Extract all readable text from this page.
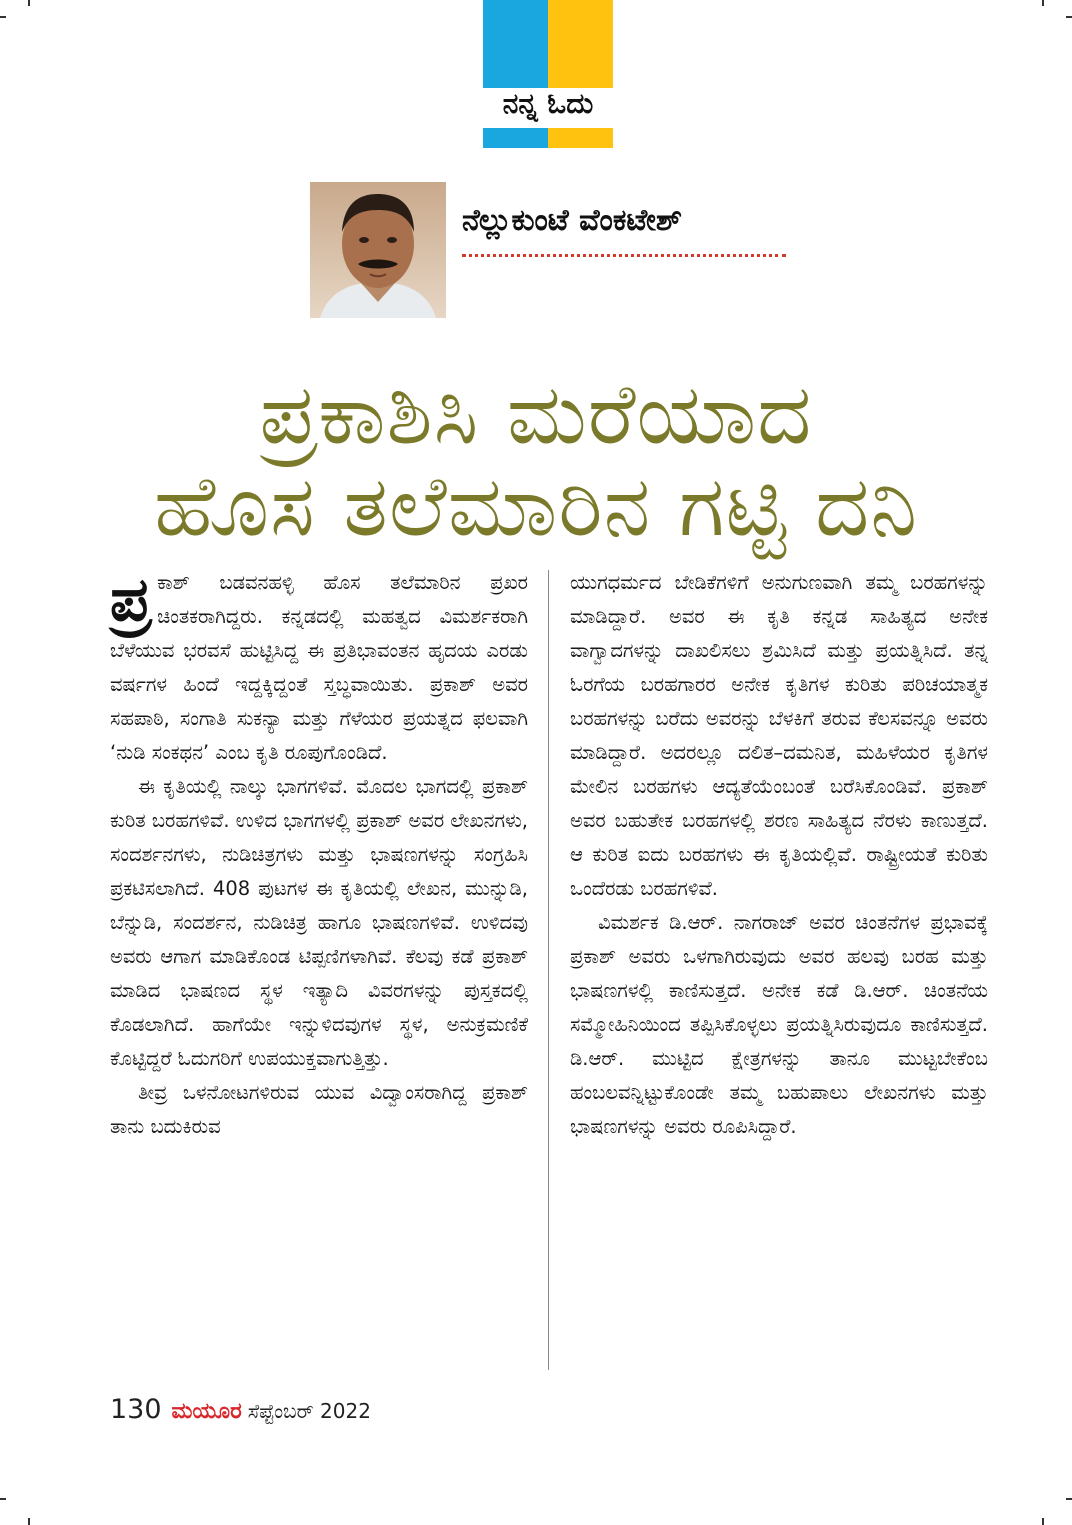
ನನ್ನ ಓದು
ನೆಲ್ಲುಕುಂಟೆ ವೆಂಕಟೇಶ್
ಪ್ರಕಾಶಿಸಿ ಮರೆಯಾದ
ಹೊಸ ತಲೆಮಾರಿನ ಗಟ್ಟಿ ದನಿ

ಪ್ರ ಕಾಶ್ ಬಡವನಹಳ್ಳಿ ಹೊಸ ತಲೆಮಾರಿನ ಪ್ರಖರ ಚಿಂತಕರಾಗಿದ್ದರು. ಕನ್ನಡದಲ್ಲಿ ಮಹತ್ವದ ವಿಮರ್ಶಕರಾಗಿ ಬೆಳೆಯುವ ಭರವಸೆ ಹುಟ್ಟಿಸಿದ್ದ ಈ ಪ್ರತಿಭಾವಂತನ ಹೃದಯ ಎರಡು ವರ್ಷಗಳ ಹಿಂದೆ ಇದ್ದಕ್ಕಿದ್ದಂತೆ ಸ್ತಬ್ಧವಾಯಿತು. ಪ್ರಕಾಶ್ ಅವರ ಸಹಪಾಠಿ, ಸಂಗಾತಿ ಸುಕನ್ಯಾ ಮತ್ತು ಗೆಳೆಯರ ಪ್ರಯತ್ನದ ಫಲವಾಗಿ ‘ನುಡಿ ಸಂಕಥನ’ ಎಂಬ ಕೃತಿ ರೂಪುಗೊಂಡಿದೆ.

ಈ ಕೃತಿಯಲ್ಲಿ ನಾಲ್ಕು ಭಾಗಗಳಿವೆ. ಮೊದಲ ಭಾಗದಲ್ಲಿ ಪ್ರಕಾಶ್ ಕುರಿತ ಬರಹಗಳಿವೆ. ಉಳಿದ ಭಾಗಗಳಲ್ಲಿ ಪ್ರಕಾಶ್ ಅವರ ಲೇಖನಗಳು, ಸಂದರ್ಶನಗಳು, ನುಡಿಚಿತ್ರಗಳು ಮತ್ತು ಭಾಷಣಗಳನ್ನು ಸಂಗ್ರಹಿಸಿ ಪ್ರಕಟಿಸಲಾಗಿದೆ. 408 ಪುಟಗಳ ಈ ಕೃತಿಯಲ್ಲಿ ಲೇಖನ, ಮುನ್ನುಡಿ, ಬೆನ್ನುಡಿ, ಸಂದರ್ಶನ, ನುಡಿಚಿತ್ರ ಹಾಗೂ ಭಾಷಣಗಳಿವೆ. ಉಳಿದವು ಅವರು ಆಗಾಗ ಮಾಡಿಕೊಂಡ ಟಿಪ್ಪಣಿಗಳಾಗಿವೆ. ಕೆಲವು ಕಡೆ ಪ್ರಕಾಶ್ ಮಾಡಿದ ಭಾಷಣದ ಸ್ಥಳ ಇತ್ಯಾದಿ ವಿವರಗಳನ್ನು ಪುಸ್ತಕದಲ್ಲಿ ಕೊಡಲಾಗಿದೆ. ಹಾಗೆಯೇ ಇನ್ನುಳಿದವುಗಳ ಸ್ಥಳ, ಅನುಕ್ರಮಣಿಕೆ ಕೊಟ್ಟಿದ್ದರೆ ಓದುಗರಿಗೆ ಉಪಯುಕ್ತವಾಗುತ್ತಿತ್ತು.

ತೀವ್ರ ಒಳನೋಟಗಳಿರುವ ಯುವ ವಿದ್ವಾಂಸರಾಗಿದ್ದ ಪ್ರಕಾಶ್ ತಾನು ಬದುಕಿರುವ

ಯುಗಧರ್ಮದ ಬೇಡಿಕೆಗಳಿಗೆ ಅನುಗುಣವಾಗಿ ತಮ್ಮ ಬರಹಗಳನ್ನು ಮಾಡಿದ್ದಾರೆ. ಅವರ ಈ ಕೃತಿ ಕನ್ನಡ ಸಾಹಿತ್ಯದ ಅನೇಕ ವಾಗ್ವಾದಗಳನ್ನು ದಾಖಲಿಸಲು ಶ್ರಮಿಸಿದೆ ಮತ್ತು ಪ್ರಯತ್ನಿಸಿದೆ. ತನ್ನ ಓರಗೆಯ ಬರಹಗಾರರ ಅನೇಕ ಕೃತಿಗಳ ಕುರಿತು ಪರಿಚಯಾತ್ಮಕ ಬರಹಗಳನ್ನು ಬರೆದು ಅವರನ್ನು ಬೆಳಕಿಗೆ ತರುವ ಕೆಲಸವನ್ನೂ ಅವರು ಮಾಡಿದ್ದಾರೆ. ಅದರಲ್ಲೂ ದಲಿತ–ದಮನಿತ, ಮಹಿಳೆಯರ ಕೃತಿಗಳ ಮೇಲಿನ ಬರಹಗಳು ಆದ್ಯತೆಯೆಂಬಂತೆ ಬರೆಸಿಕೊಂಡಿವೆ. ಪ್ರಕಾಶ್ ಅವರ ಬಹುತೇಕ ಬರಹಗಳಲ್ಲಿ ಶರಣ ಸಾಹಿತ್ಯದ ನೆರಳು ಕಾಣುತ್ತದೆ. ಆ ಕುರಿತ ಐದು ಬರಹಗಳು ಈ ಕೃತಿಯಲ್ಲಿವೆ. ರಾಷ್ಟ್ರೀಯತೆ ಕುರಿತು ಒಂದೆರಡು ಬರಹಗಳಿವೆ.

ವಿಮರ್ಶಕ ಡಿ.ಆರ್. ನಾಗರಾಜ್ ಅವರ ಚಿಂತನೆಗಳ ಪ್ರಭಾವಕ್ಕೆ ಪ್ರಕಾಶ್ ಅವರು ಒಳಗಾಗಿರುವುದು ಅವರ ಹಲವು ಬರಹ ಮತ್ತು ಭಾಷಣಗಳಲ್ಲಿ ಕಾಣಿಸುತ್ತದೆ. ಅನೇಕ ಕಡೆ ಡಿ.ಆರ್. ಚಿಂತನೆಯ ಸಮ್ಮೋಹಿನಿಯಿಂದ ತಪ್ಪಿಸಿಕೊಳ್ಳಲು ಪ್ರಯತ್ನಿಸಿರುವುದೂ ಕಾಣಿಸುತ್ತದೆ. ಡಿ.ಆರ್. ಮುಟ್ಟಿದ ಕ್ಷೇತ್ರಗಳನ್ನು ತಾನೂ ಮುಟ್ಟಬೇಕೆಂಬ ಹಂಬಲವನ್ನಿಟ್ಟುಕೊಂಡೇ ತಮ್ಮ ಬಹುಪಾಲು ಲೇಖನಗಳು ಮತ್ತು ಭಾಷಣಗಳನ್ನು ಅವರು ರೂಪಿಸಿದ್ದಾರೆ.

130 ಮಯೂರ ಸೆಪ್ಟೆಂಬರ್ 2022
